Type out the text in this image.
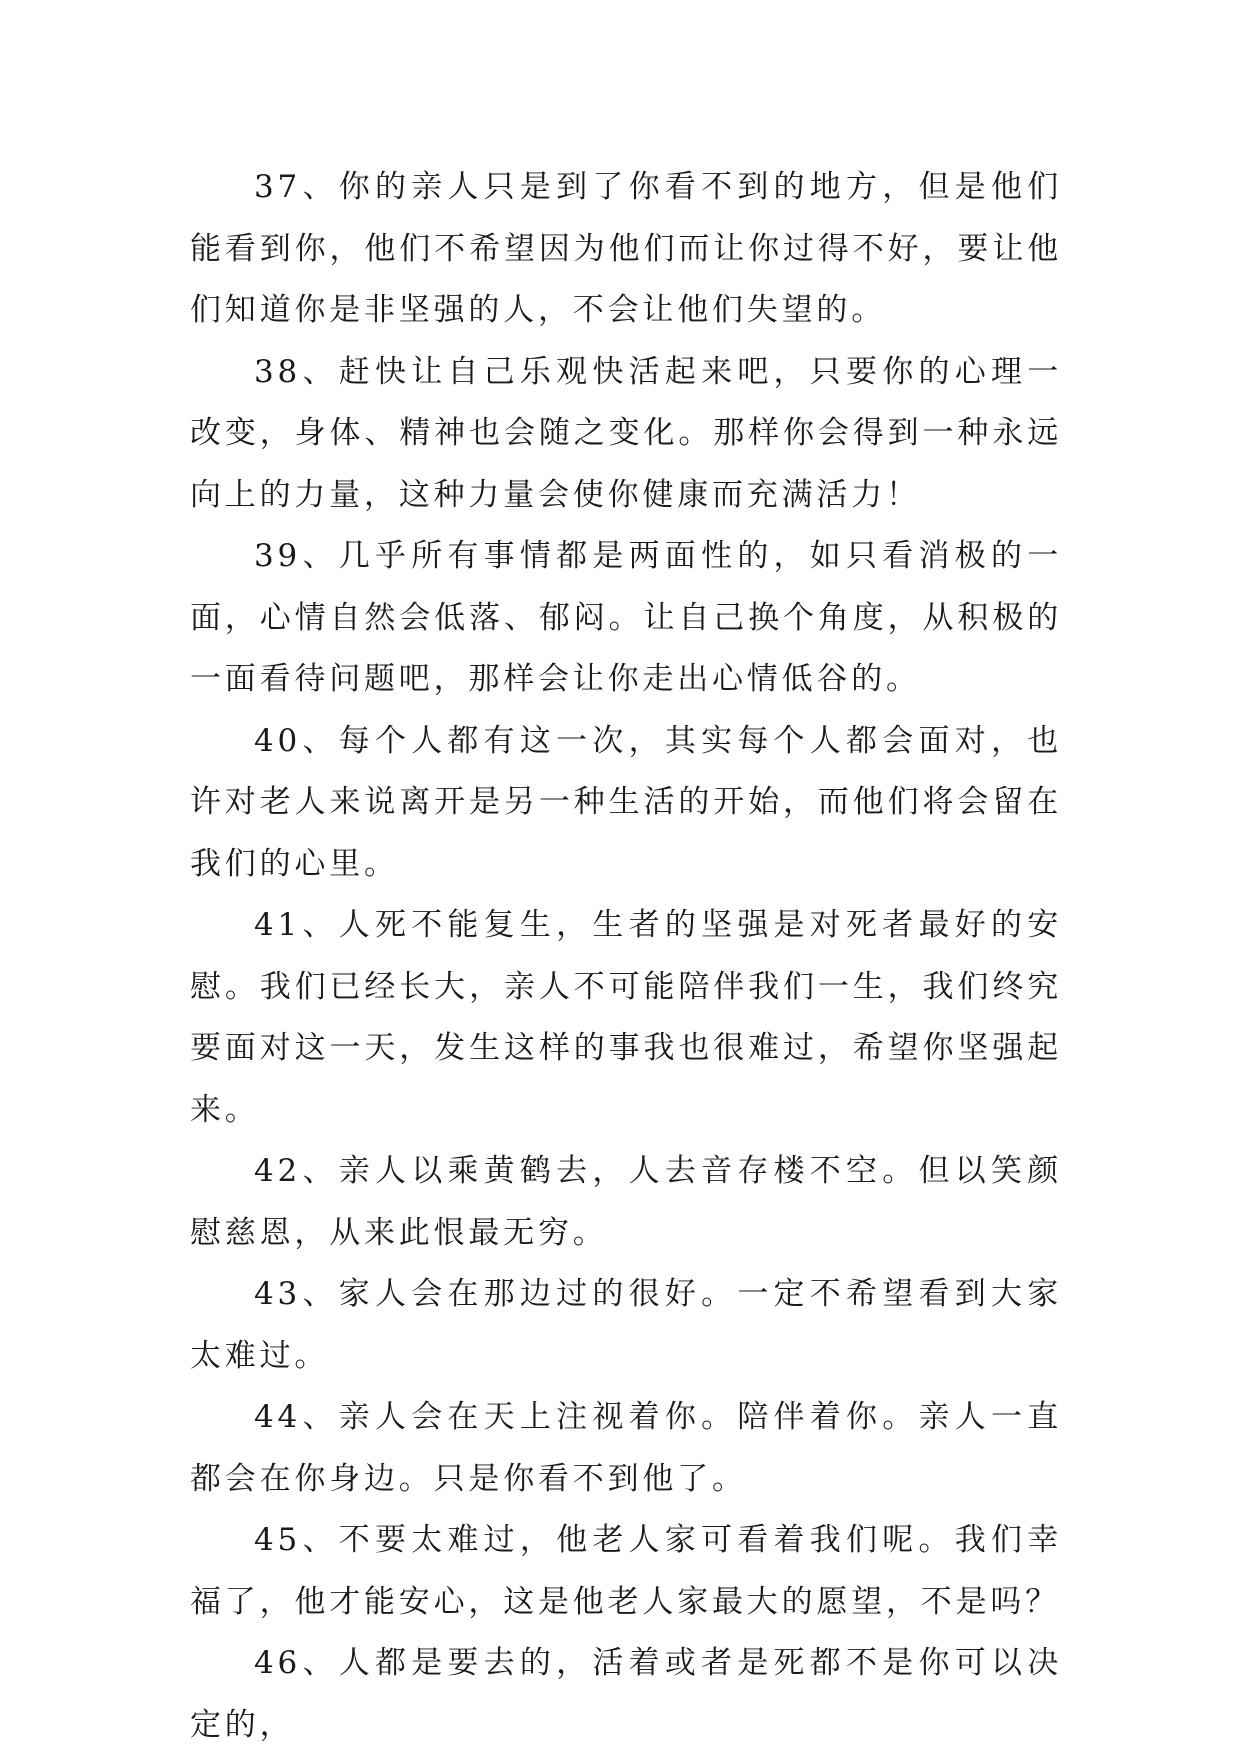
37、你的亲人只是到了你看不到的地方，但是他们能看到你，他们不希望因为他们而让你过得不好，要让他们知道你是非坚强的人，不会让他们失望的。

38、赶快让自己乐观快活起来吧，只要你的心理一改变，身体、精神也会随之变化。那样你会得到一种永远向上的力量，这种力量会使你健康而充满活力！

39、几乎所有事情都是两面性的，如只看消极的一面，心情自然会低落、郁闷。让自己换个角度，从积极的一面看待问题吧，那样会让你走出心情低谷的。

40、每个人都有这一次，其实每个人都会面对，也许对老人来说离开是另一种生活的开始，而他们将会留在我们的心里。

41、人死不能复生，生者的坚强是对死者最好的安慰。我们已经长大，亲人不可能陪伴我们一生，我们终究要面对这一天，发生这样的事我也很难过，希望你坚强起来。

42、亲人以乘黄鹤去，人去音存楼不空。但以笑颜慰慈恩，从来此恨最无穷。

43、家人会在那边过的很好。一定不希望看到大家太难过。

44、亲人会在天上注视着你。陪伴着你。亲人一直都会在你身边。只是你看不到他了。

45、不要太难过，他老人家可看着我们呢。我们幸福了，他才能安心，这是他老人家最大的愿望，不是吗？

46、人都是要去的，活着或者是死都不是你可以决定的，
